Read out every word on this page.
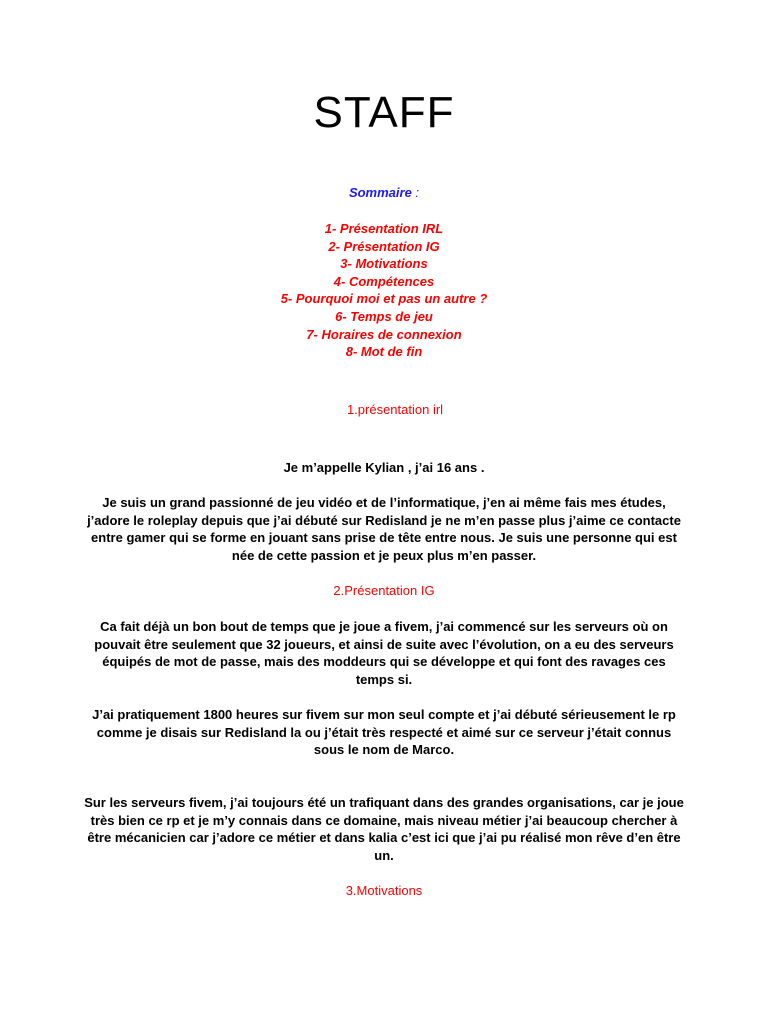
STAFF
Sommaire :
1- Présentation IRL
2- Présentation IG
3- Motivations
4- Compétences
5- Pourquoi moi et pas un autre ?
6- Temps de jeu
7- Horaires de connexion
8- Mot de fin
1.présentation irl

Je m’appelle Kylian , j’ai 16 ans .

Je suis un grand passionné de jeu vidéo et de l’informatique, j’en ai même fais mes études, j’adore le roleplay depuis que j’ai débuté sur Redisland je ne m’en passe plus j’aime ce contacte entre gamer qui se forme en jouant sans prise de tête entre nous. Je suis une personne qui est née de cette passion et je peux plus m’en passer.

2.Présentation IG

Ca fait déjà un bon bout de temps que je joue a fivem, j’ai commencé sur les serveurs où on pouvait être seulement que 32 joueurs, et ainsi de suite avec l’évolution, on a eu des serveurs équipés de mot de passe, mais des moddeurs qui se développe et qui font des ravages ces temps si.

J’ai pratiquement 1800 heures sur fivem sur mon seul compte et j’ai débuté sérieusement le rp comme je disais sur Redisland la ou j’était très respecté et aimé sur ce serveur j’était connus sous le nom de Marco.

Sur les serveurs fivem, j’ai toujours été un trafiquant dans des grandes organisations, car je joue très bien ce rp et je m’y connais dans ce domaine, mais niveau métier j’ai beaucoup chercher à être mécanicien car j’adore ce métier et dans kalia c’est ici que j’ai pu réalisé mon rêve d’en être un.

3.Motivations
